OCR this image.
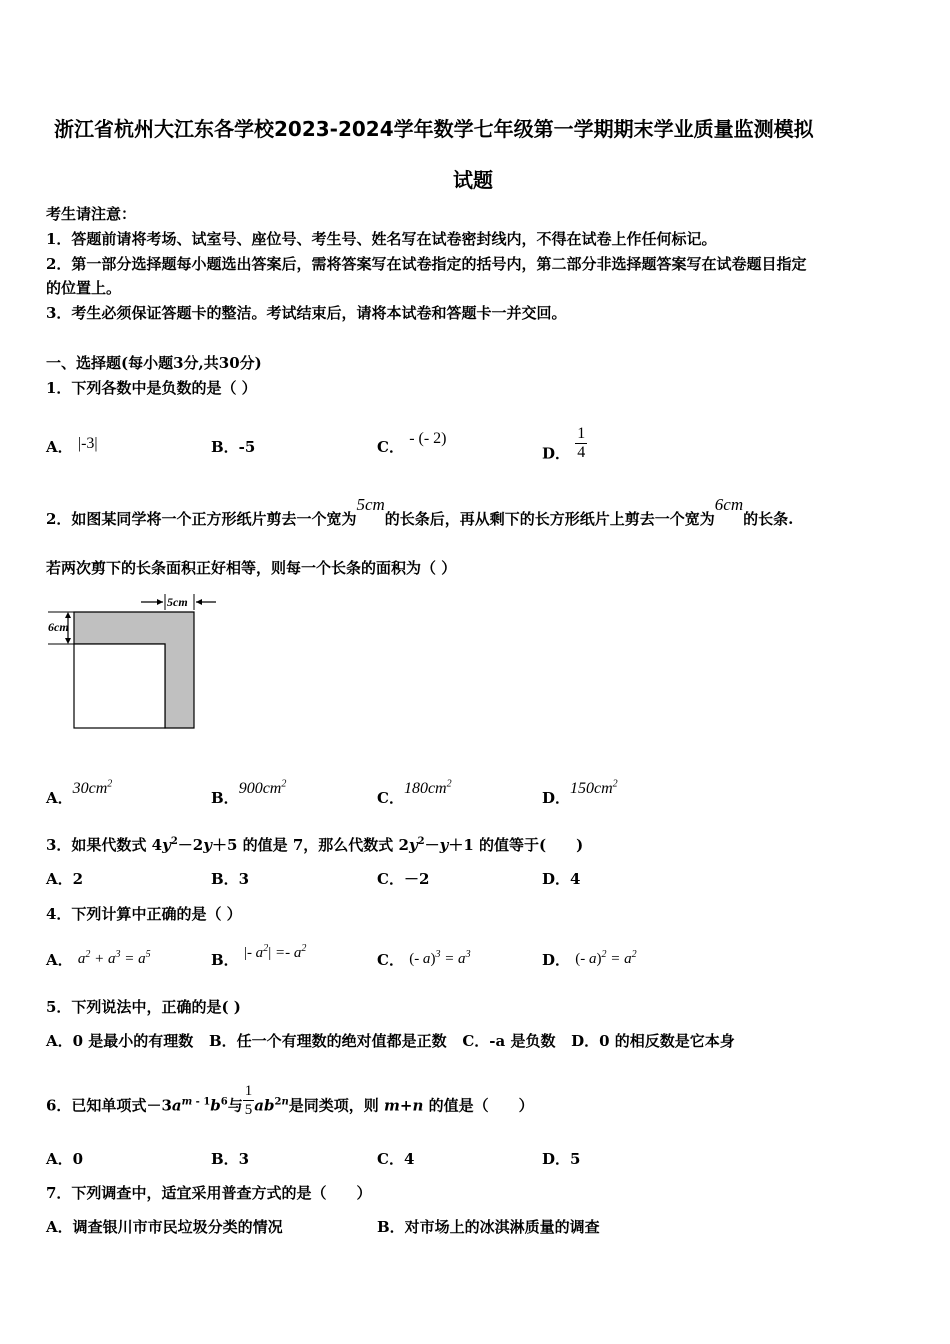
浙江省杭州大江东各学校2023-2024学年数学七年级第一学期期末学业质量监测模拟
试题
考生请注意：
1．答题前请将考场、试室号、座位号、考生号、姓名写在试卷密封线内，不得在试卷上作任何标记。
2．第一部分选择题每小题选出答案后，需将答案写在试卷指定的括号内，第二部分非选择题答案写在试卷题目指定
的位置上。
3．考生必须保证答题卡的整洁。考试结束后，请将本试卷和答题卡一并交回。
一、选择题(每小题3分,共30分)
1．下列各数中是负数的是（ ）
A． |-3|	B．-5	C． - (- 2)
D． $\frac{1}{4}$
2．如图某同学将一个正方形纸片剪去一个宽为5cm的长条后，再从剩下的长方形纸片上剪去一个宽为6cm的长条.
若两次剪下的长条面积正好相等，则每一个长条的面积为（ ）
5cm
6cm
A．$30cm^2$
B．$900cm^2$
C．$180cm^2$
D．$150cm^2$
3．如果代数式 $4y^2-2y+5$ 的值是 7，那么代数式 $2y^2-y+1$ 的值等于(　　)
A．2	B．3	C．－2	D．4
4．下列计算中正确的是（ ）
A． $a^2 + a^3 = a^5$	B． |- $a^2| =- a^2$
C． (- $a)^3 = a^3$	D． (- $a)^2 = a^2$
5．下列说法中，正确的是( )
A．0 是最小的有理数 B．任一个有理数的绝对值都是正数 C．-a 是负数 D．0 的相反数是它本身
6．已知单项式$-3a^{m - 1}b^6$与 $\frac{1}{5} ab^{2n}$是同类项，则 m+n 的值是（　　）
A．0	B．3	C．4	D．5
7．下列调查中，适宜采用普查方式的是（　　）
A．调查银川市市民垃圾分类的情况	B．对市场上的冰淇淋质量的调查
